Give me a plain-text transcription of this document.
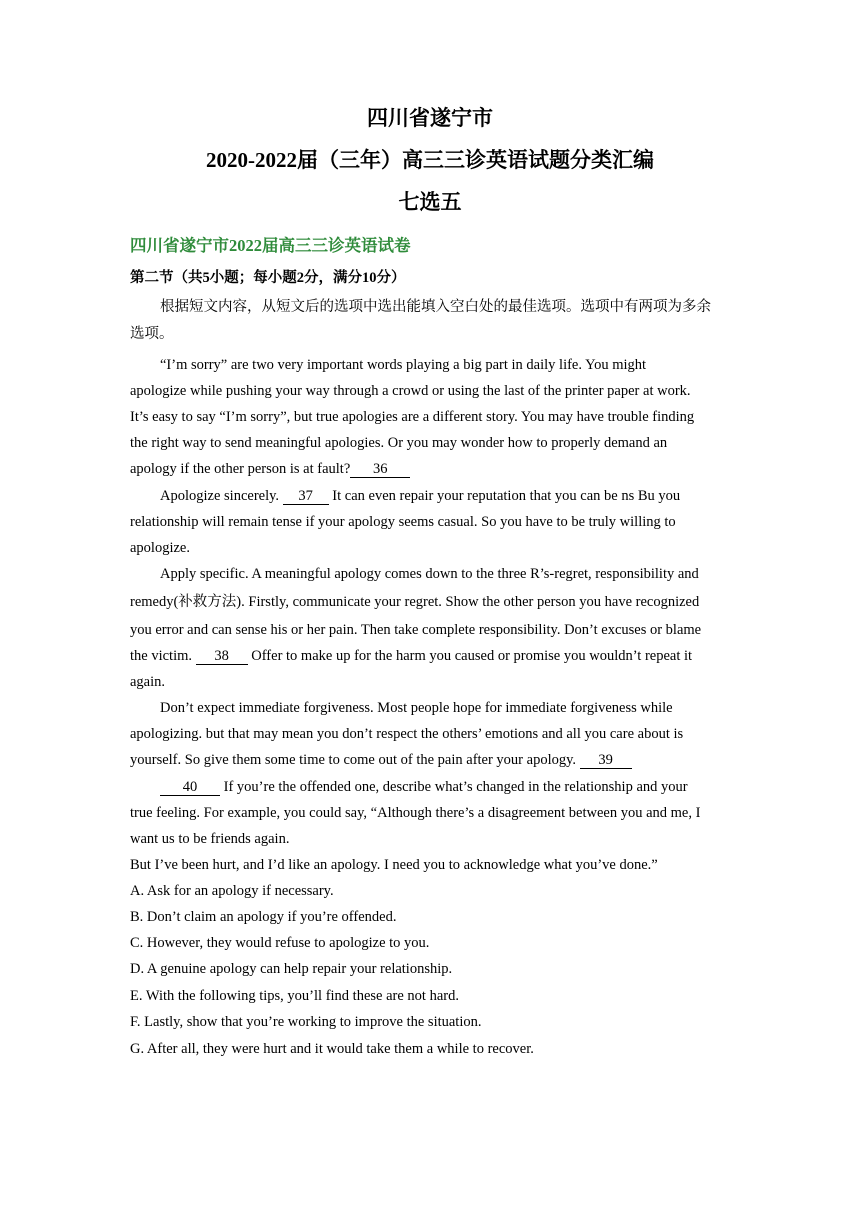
四川省遂宁市
2020-2022届（三年）高三三诊英语试题分类汇编
七选五
四川省遂宁市2022届高三三诊英语试卷
第二节（共5小题；每小题2分，满分10分）
根据短文内容，从短文后的选项中选出能填入空白处的最佳选项。选项中有两项为多余
选项。
“I’m sorry” are two very important words playing a big part in daily life. You might
apologize while pushing your way through a crowd or using the last of the printer paper at work.
It’s easy to say “I’m sorry”, but true apologies are a different story. You may have trouble finding
the right way to send meaningful apologies. Or you may wonder how to properly demand an
apology if the other person is at fault? 36
Apologize sincerely. 37 It can even repair your reputation that you can be ns Bu you
relationship will remain tense if your apology seems casual. So you have to be truly willing to
apologize.
Apply specific. A meaningful apology comes down to the three R’s-regret, responsibility and
remedy(补救方法). Firstly, communicate your regret. Show the other person you have recognized
you error and can sense his or her pain. Then take complete responsibility. Don’t excuses or blame
the victim. 38 Offer to make up for the harm you caused or promise you wouldn’t repeat it
again.
Don’t expect immediate forgiveness. Most people hope for immediate forgiveness while
apologizing. but that may mean you don’t respect the others’ emotions and all you care about is
yourself. So give them some time to come out of the pain after your apology. 39
40 If you’re the offended one, describe what’s changed in the relationship and your
true feeling. For example, you could say, “Although there’s a disagreement between you and me, I
want us to be friends again.
But I’ve been hurt, and I’d like an apology. I need you to acknowledge what you’ve done.”
A. Ask for an apology if necessary.
B. Don’t claim an apology if you’re offended.
C. However, they would refuse to apologize to you.
D. A genuine apology can help repair your relationship.
E. With the following tips, you’ll find these are not hard.
F. Lastly, show that you’re working to improve the situation.
G. After all, they were hurt and it would take them a while to recover.
